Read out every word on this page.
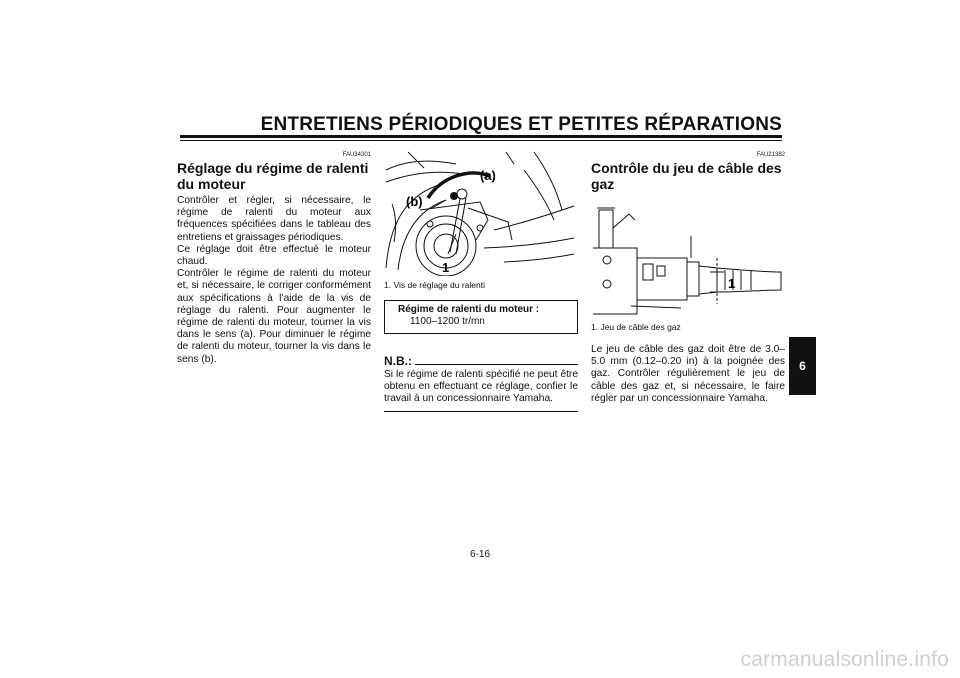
ENTRETIENS PÉRIODIQUES ET PETITES RÉPARATIONS
FAU34301
Réglage du régime de ralenti du moteur

Contrôler et régler, si nécessaire, le régime de ralenti du moteur aux fréquences spécifiées dans le tableau des entretiens et graissages périodiques.
Ce réglage doit être effectué le moteur chaud.
Contrôler le régime de ralenti du moteur et, si nécessaire, le corriger conformément aux spécifications à l’aide de la vis de réglage du ralenti. Pour augmenter le régime de ralenti du moteur, tourner la vis dans le sens (a). Pour diminuer le régime de ralenti du moteur, tourner la vis dans le sens (b).

(a)
(b)
1
1. Vis de réglage du ralenti
Régime de ralenti du moteur :
1100–1200 tr/mn
N.B.:

Si le régime de ralenti spécifié ne peut être obtenu en effectuant ce réglage, confier le travail à un concessionnaire Yamaha.

FAU21382
Contrôle du jeu de câble des gaz
1
1. Jeu de câble des gaz

Le jeu de câble des gaz doit être de 3.0–5.0 mm (0.12–0.20 in) à la poignée des gaz. Contrôler régulièrement le jeu de câble des gaz et, si nécessaire, le faire régler par un concessionnaire Yamaha.

6
6-16
carmanualsonline.info
